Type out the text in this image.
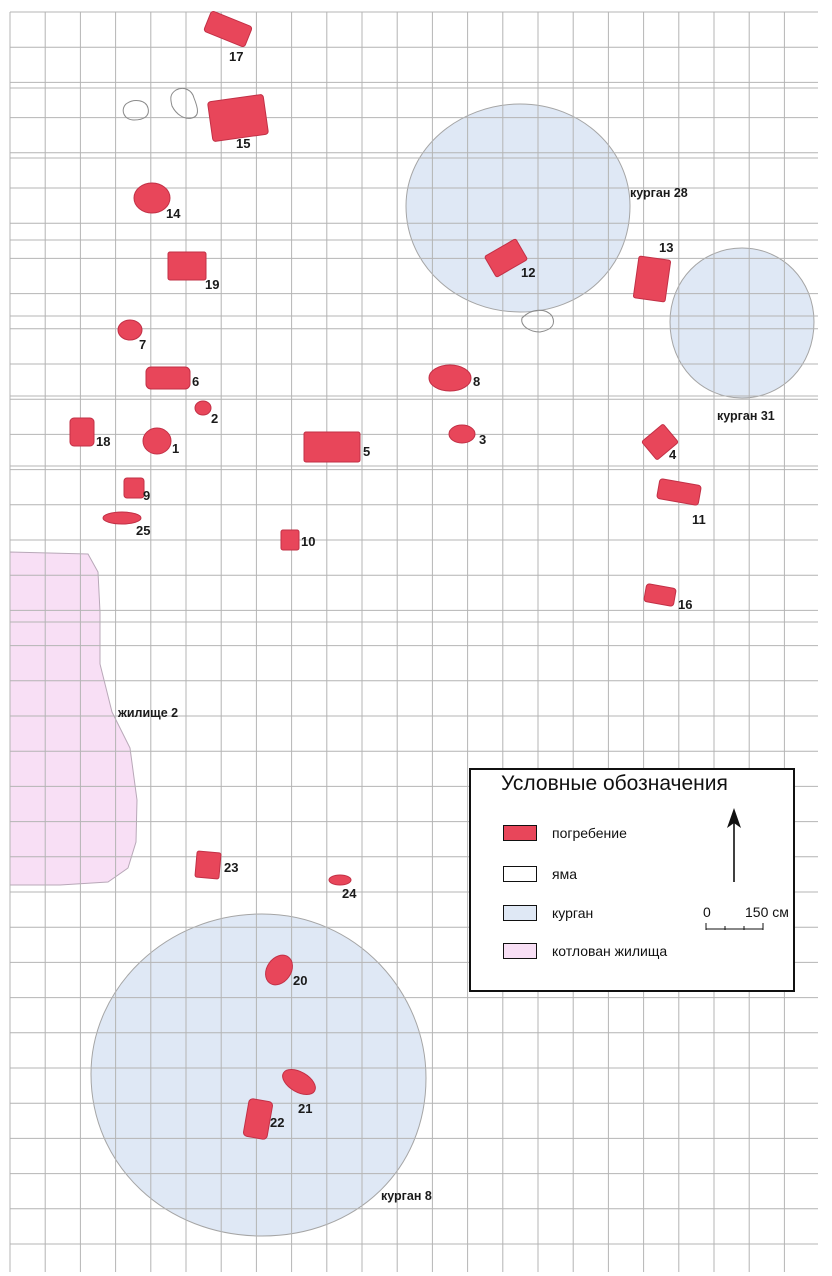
17
15
14
19
12
13
7
6	8
2
18	1	5
3
4
9
11
25
10
16
23
24
20
21
22
курган 28
курган 31
курган 8
жилище 2
Условные обозначения
погребение
яма
курган
котлован жилища
0 150 см
